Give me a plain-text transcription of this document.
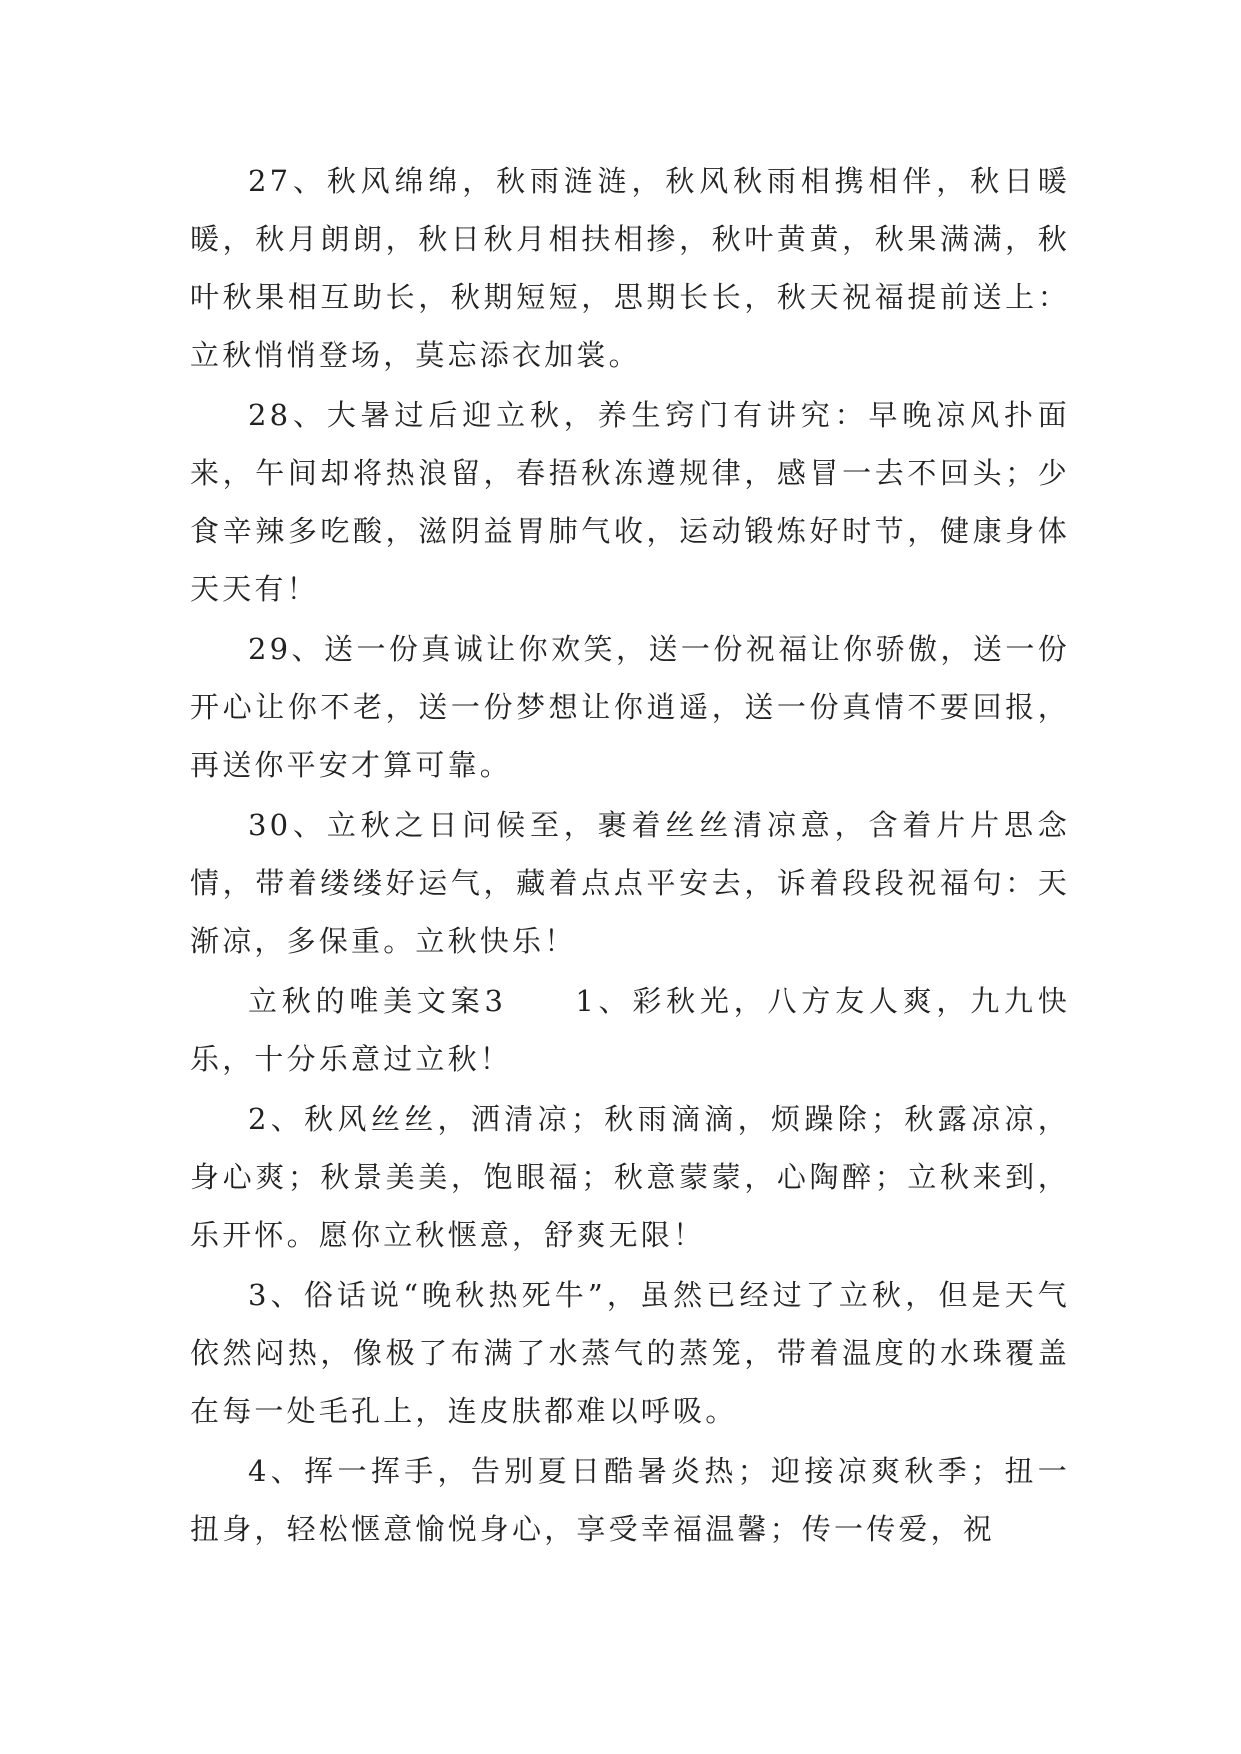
27、秋风绵绵，秋雨涟涟，秋风秋雨相携相伴，秋日暖暖，秋月朗朗，秋日秋月相扶相掺，秋叶黄黄，秋果满满，秋叶秋果相互助长，秋期短短，思期长长，秋天祝福提前送上：立秋悄悄登场，莫忘添衣加裳。

28、大暑过后迎立秋，养生窍门有讲究：早晚凉风扑面来，午间却将热浪留，春捂秋冻遵规律，感冒一去不回头；少食辛辣多吃酸，滋阴益胃肺气收，运动锻炼好时节，健康身体天天有！

29、送一份真诚让你欢笑，送一份祝福让你骄傲，送一份开心让你不老，送一份梦想让你逍遥，送一份真情不要回报，再送你平安才算可靠。

30、立秋之日问候至，裹着丝丝清凉意，含着片片思念情，带着缕缕好运气，藏着点点平安去，诉着段段祝福句：天渐凉，多保重。立秋快乐！

立秋的唯美文案3　　1、彩秋光，八方友人爽，九九快乐，十分乐意过立秋！

2、秋风丝丝，洒清凉；秋雨滴滴，烦躁除；秋露凉凉，身心爽；秋景美美，饱眼福；秋意蒙蒙，心陶醉；立秋来到，乐开怀。愿你立秋惬意，舒爽无限！

3、俗话说“晚秋热死牛”，虽然已经过了立秋，但是天气依然闷热，像极了布满了水蒸气的蒸笼，带着温度的水珠覆盖在每一处毛孔上，连皮肤都难以呼吸。

4、挥一挥手，告别夏日酷暑炎热；迎接凉爽秋季；扭一扭身，轻松惬意愉悦身心，享受幸福温馨；传一传爱，祝
